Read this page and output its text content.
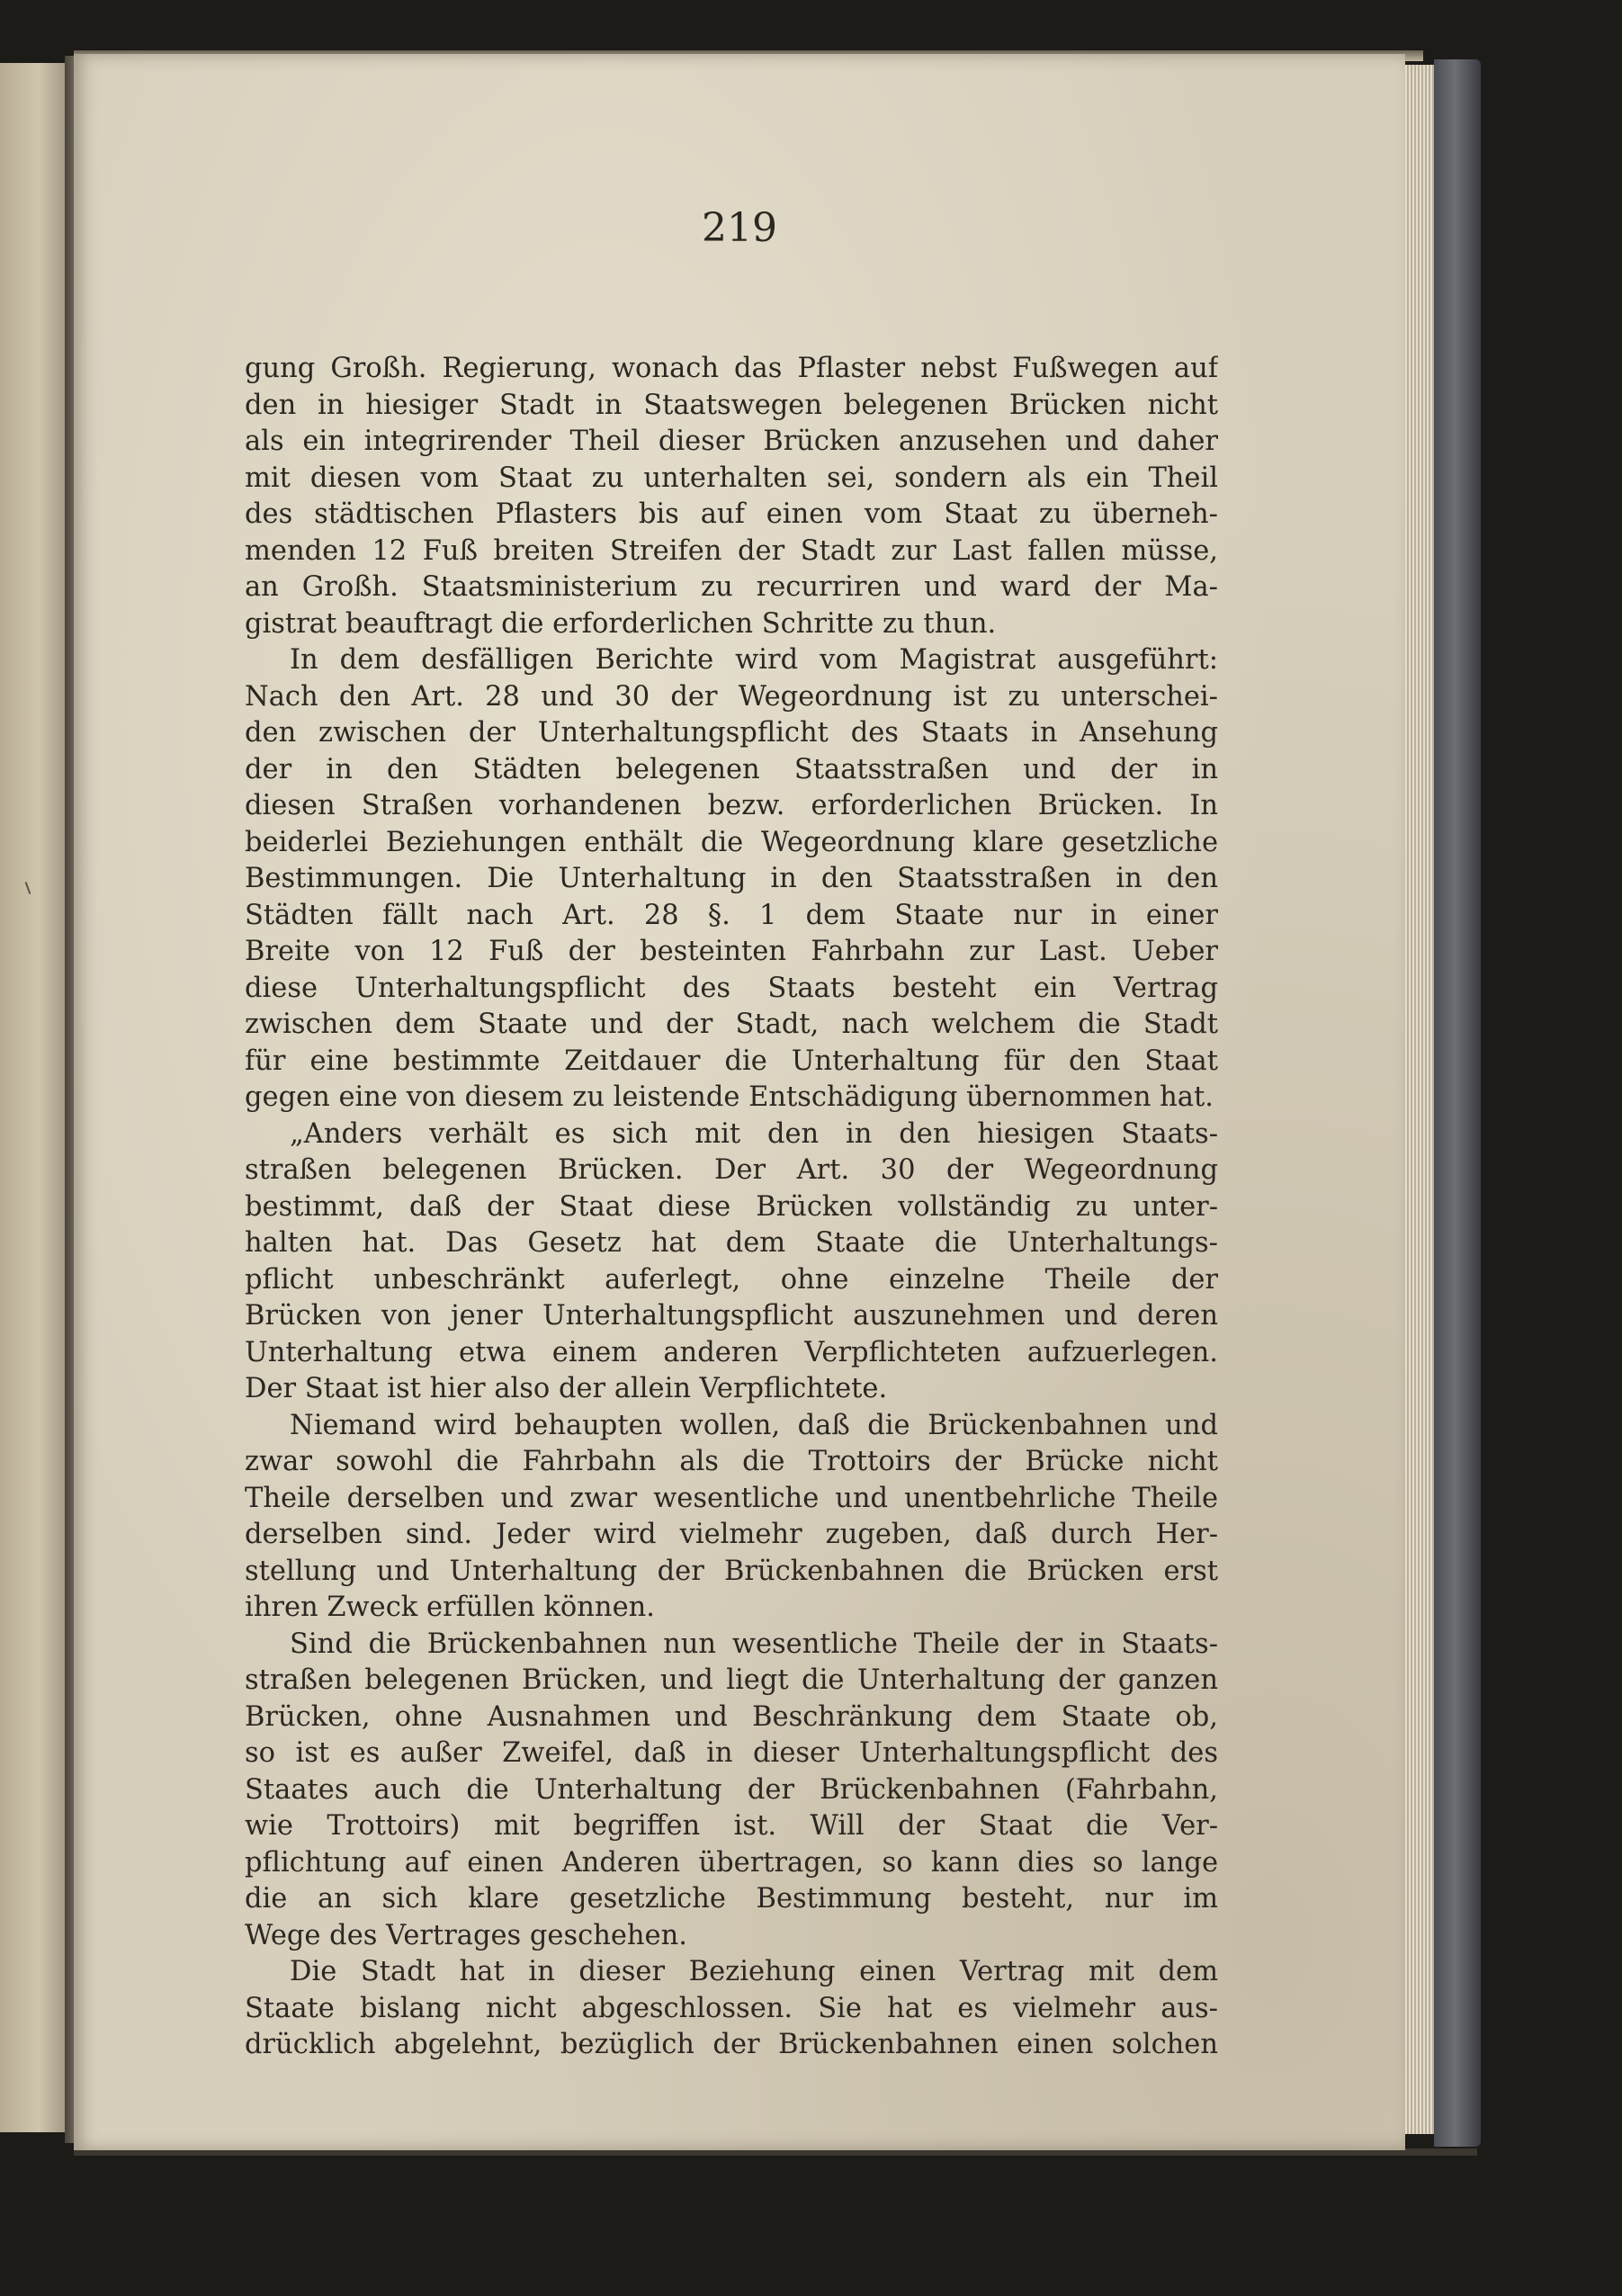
219
gung Großh. Regierung, wonach das Pflaster nebst Fußwegen auf
den in hiesiger Stadt in Staatswegen belegenen Brücken nicht
als ein integrirender Theil dieser Brücken anzusehen und daher
mit diesen vom Staat zu unterhalten sei, sondern als ein Theil
des städtischen Pflasters bis auf einen vom Staat zu überneh-
menden 12 Fuß breiten Streifen der Stadt zur Last fallen müsse,
an Großh. Staatsministerium zu recurriren und ward der Ma-
gistrat beauftragt die erforderlichen Schritte zu thun.
In dem desfälligen Berichte wird vom Magistrat ausgeführt:
Nach den Art. 28 und 30 der Wegeordnung ist zu unterschei-
den zwischen der Unterhaltungspflicht des Staats in Ansehung
der in den Städten belegenen Staatsstraßen und der in
diesen Straßen vorhandenen bezw. erforderlichen Brücken. In
beiderlei Beziehungen enthält die Wegeordnung klare gesetzliche
Bestimmungen. Die Unterhaltung in den Staatsstraßen in den
Städten fällt nach Art. 28 §. 1 dem Staate nur in einer
Breite von 12 Fuß der besteinten Fahrbahn zur Last. Ueber
diese Unterhaltungspflicht des Staats besteht ein Vertrag
zwischen dem Staate und der Stadt, nach welchem die Stadt
für eine bestimmte Zeitdauer die Unterhaltung für den Staat
gegen eine von diesem zu leistende Entschädigung übernommen hat.
„Anders verhält es sich mit den in den hiesigen Staats-
straßen belegenen Brücken. Der Art. 30 der Wegeordnung
bestimmt, daß der Staat diese Brücken vollständig zu unter-
halten hat. Das Gesetz hat dem Staate die Unterhaltungs-
pflicht unbeschränkt auferlegt, ohne einzelne Theile der
Brücken von jener Unterhaltungspflicht auszunehmen und deren
Unterhaltung etwa einem anderen Verpflichteten aufzuerlegen.
Der Staat ist hier also der allein Verpflichtete.
Niemand wird behaupten wollen, daß die Brückenbahnen und
zwar sowohl die Fahrbahn als die Trottoirs der Brücke nicht
Theile derselben und zwar wesentliche und unentbehrliche Theile
derselben sind. Jeder wird vielmehr zugeben, daß durch Her-
stellung und Unterhaltung der Brückenbahnen die Brücken erst
ihren Zweck erfüllen können.
Sind die Brückenbahnen nun wesentliche Theile der in Staats-
straßen belegenen Brücken, und liegt die Unterhaltung der ganzen
Brücken, ohne Ausnahmen und Beschränkung dem Staate ob,
so ist es außer Zweifel, daß in dieser Unterhaltungspflicht des
Staates auch die Unterhaltung der Brückenbahnen (Fahrbahn,
wie Trottoirs) mit begriffen ist. Will der Staat die Ver-
pflichtung auf einen Anderen übertragen, so kann dies so lange
die an sich klare gesetzliche Bestimmung besteht, nur im
Wege des Vertrages geschehen.
Die Stadt hat in dieser Beziehung einen Vertrag mit dem
Staate bislang nicht abgeschlossen. Sie hat es vielmehr aus-
drücklich abgelehnt, bezüglich der Brückenbahnen einen solchen
